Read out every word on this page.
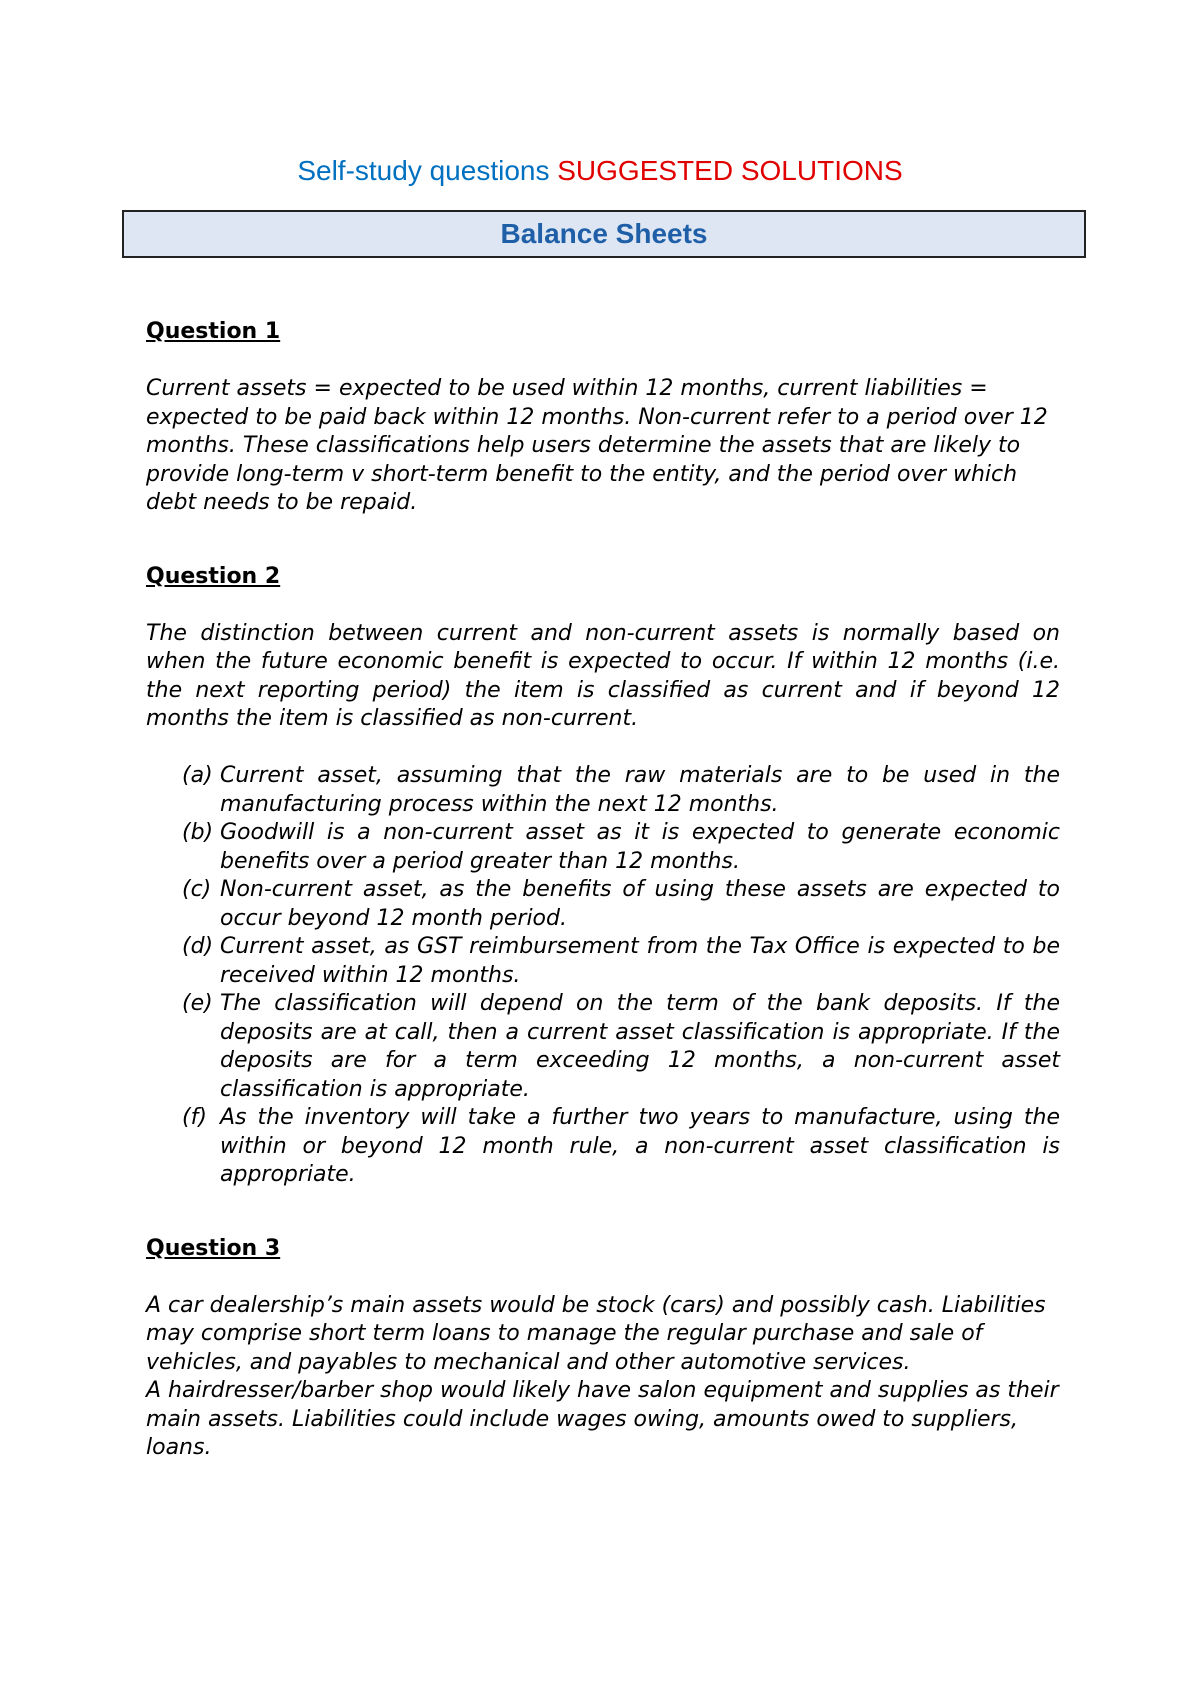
Self-study questions SUGGESTED SOLUTIONS
Balance Sheets
Question 1
Current assets = expected to be used within 12 months, current liabilities = expected to be paid back within 12 months. Non-current refer to a period over 12 months. These classifications help users determine the assets that are likely to provide long-term v short-term benefit to the entity, and the period over which debt needs to be repaid.
Question 2
The distinction between current and non-current assets is normally based on when the future economic benefit is expected to occur. If within 12 months (i.e. the next reporting period) the item is classified as current and if beyond 12 months the item is classified as non-current.
(a) Current asset, assuming that the raw materials are to be used in the manufacturing process within the next 12 months.
(b) Goodwill is a non-current asset as it is expected to generate economic benefits over a period greater than 12 months.
(c) Non-current asset, as the benefits of using these assets are expected to occur beyond 12 month period.
(d) Current asset, as GST reimbursement from the Tax Office is expected to be received within 12 months.
(e) The classification will depend on the term of the bank deposits. If the deposits are at call, then a current asset classification is appropriate. If the deposits are for a term exceeding 12 months, a non-current asset classification is appropriate.
(f) As the inventory will take a further two years to manufacture, using the within or beyond 12 month rule, a non-current asset classification is appropriate.
Question 3
A car dealership’s main assets would be stock (cars) and possibly cash. Liabilities may comprise short term loans to manage the regular purchase and sale of vehicles, and payables to mechanical and other automotive services.
A hairdresser/barber shop would likely have salon equipment and supplies as their main assets. Liabilities could include wages owing, amounts owed to suppliers, loans.
